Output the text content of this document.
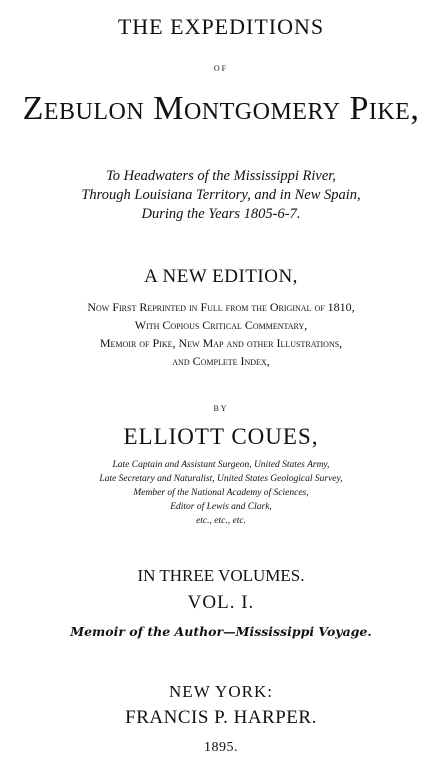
THE EXPEDITIONS
OF
Zebulon Montgomery Pike,
To Headwaters of the Mississippi River,
Through Louisiana Territory, and in New Spain,
During the Years 1805-6-7.
A NEW EDITION,
Now First Reprinted in Full from the Original of 1810,
With Copious Critical Commentary,
Memoir of Pike, New Map and other Illustrations,
and Complete Index,
BY
ELLIOTT COUES,
Late Captain and Assistant Surgeon, United States Army,
Late Secretary and Naturalist, United States Geological Survey,
Member of the National Academy of Sciences,
Editor of Lewis and Clark,
etc., etc., etc.
IN THREE VOLUMES.
VOL. I.
Memoir of the Author—Mississippi Voyage.
NEW YORK:
FRANCIS P. HARPER.
1895.
